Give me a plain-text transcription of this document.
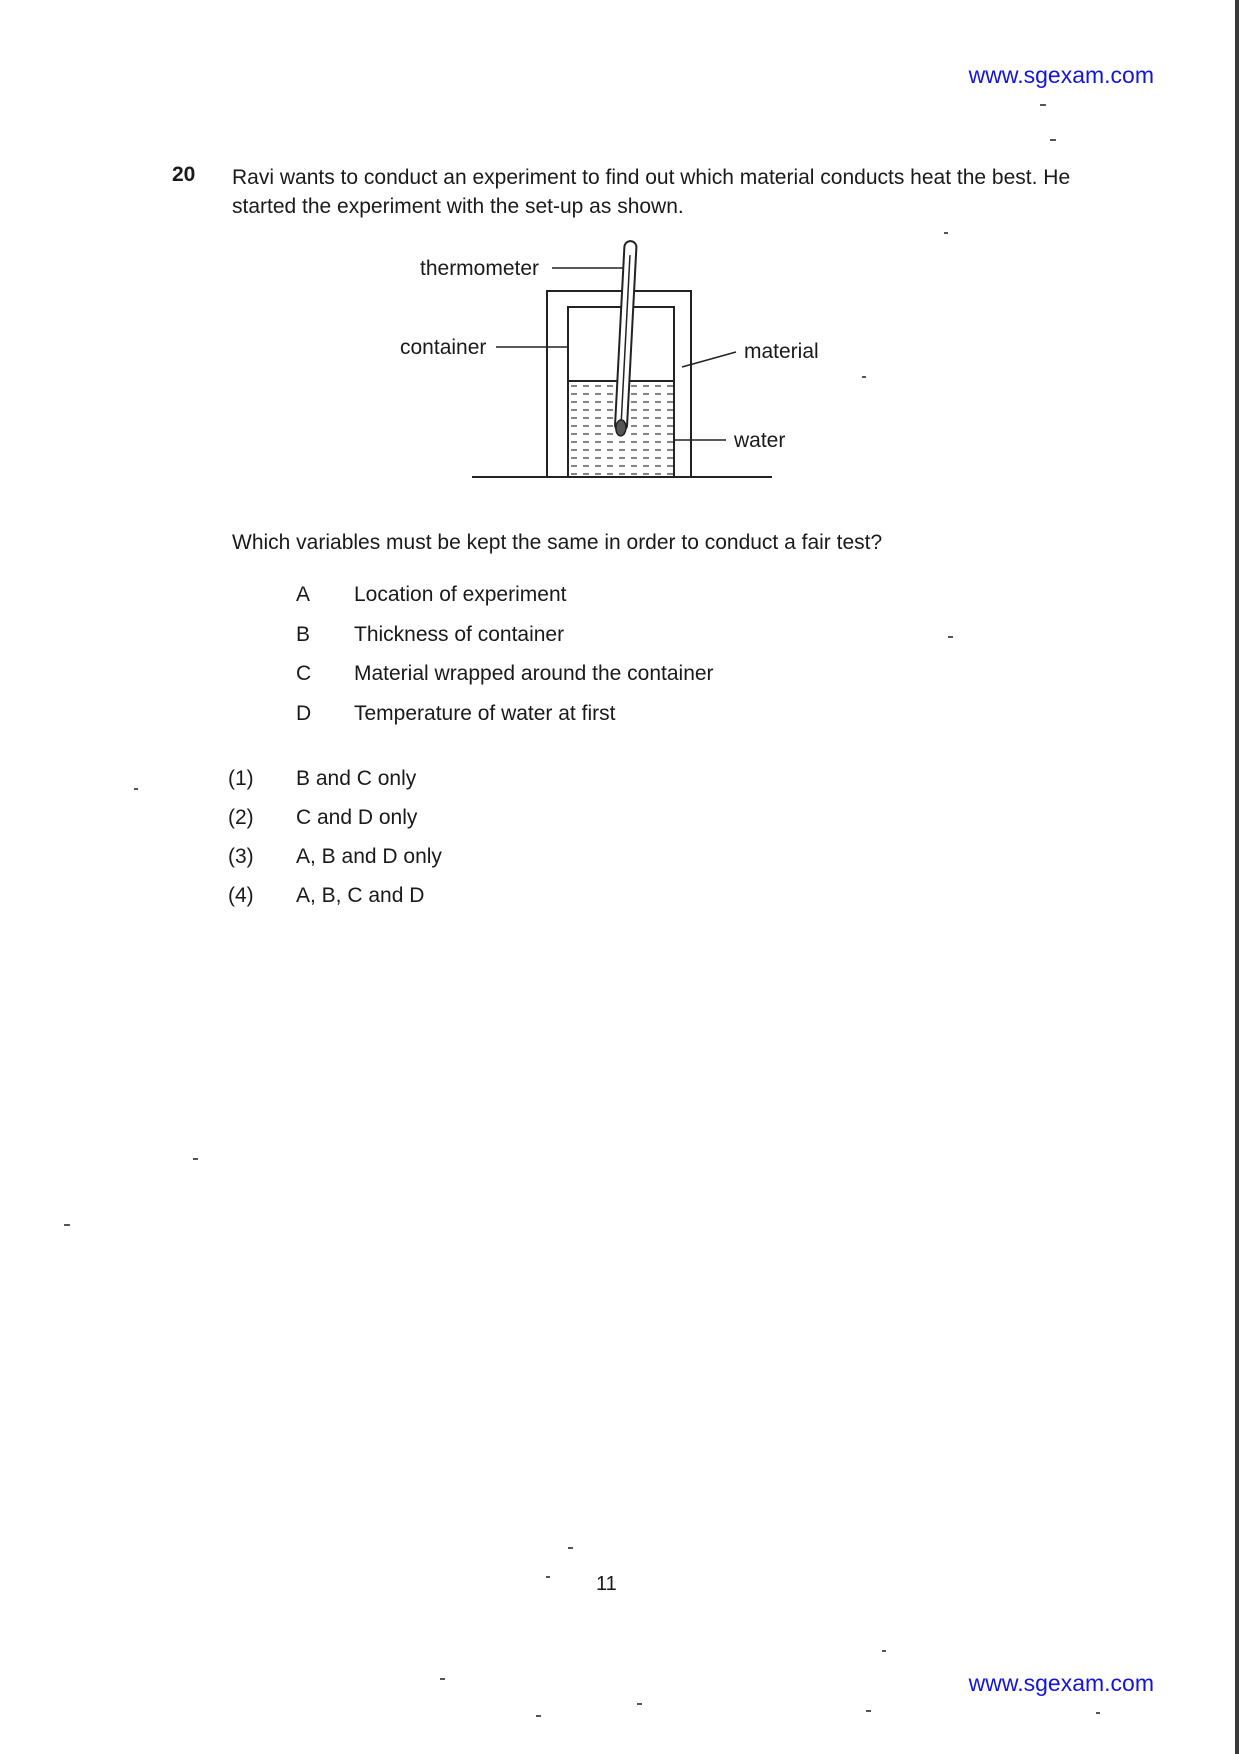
www.sgexam.com
20 Ravi wants to conduct an experiment to find out which material conducts heat the best. He started the experiment with the set-up as shown.
thermometer
container	material
water
Which variables must be kept the same in order to conduct a fair test?
A	Location of experiment
B	Thickness of container
C	Material wrapped around the container
D	Temperature of water at first
(1)	B and C only
(2)	C and D only
(3)	A, B and D only
(4)	A, B, C and D
11
www.sgexam.com
